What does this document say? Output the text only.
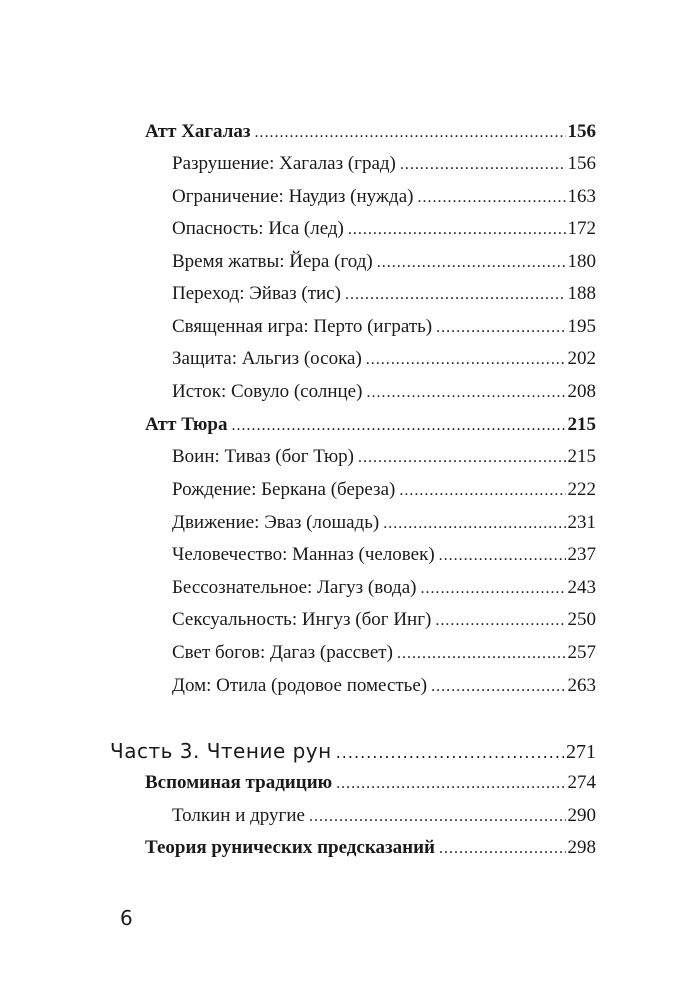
Атт Хагалаз .....	156
Разрушение: Хагалаз (град) .....	156
Ограничение: Наудиз (нужда) .....	163
Опасность: Иса (лед) .....	172
Время жатвы: Йера (год) .....	180
Переход: Эйваз (тис) .....	188
Священная игра: Перто (играть) .....	195
Защита: Альгиз (осока) .....	202
Исток: Совуло (солнце) .....	208
Атт Тюра .....	215
Воин: Тиваз (бог Тюр) .....	215
Рождение: Беркана (береза) .....	222
Движение: Эваз (лошадь) .....	231
Человечество: Манназ (человек) .....	237
Бессознательное: Лагуз (вода) .....	243
Сексуальность: Ингуз (бог Инг) .....	250
Свет богов: Дагаз (рассвет) .....	257
Дом: Отила (родовое поместье) .....	263
Часть 3. Чтение рун .....	271
Вспоминая традицию .....	274
Толкин и другие .....	290
Теория рунических предсказаний .....	298
6
